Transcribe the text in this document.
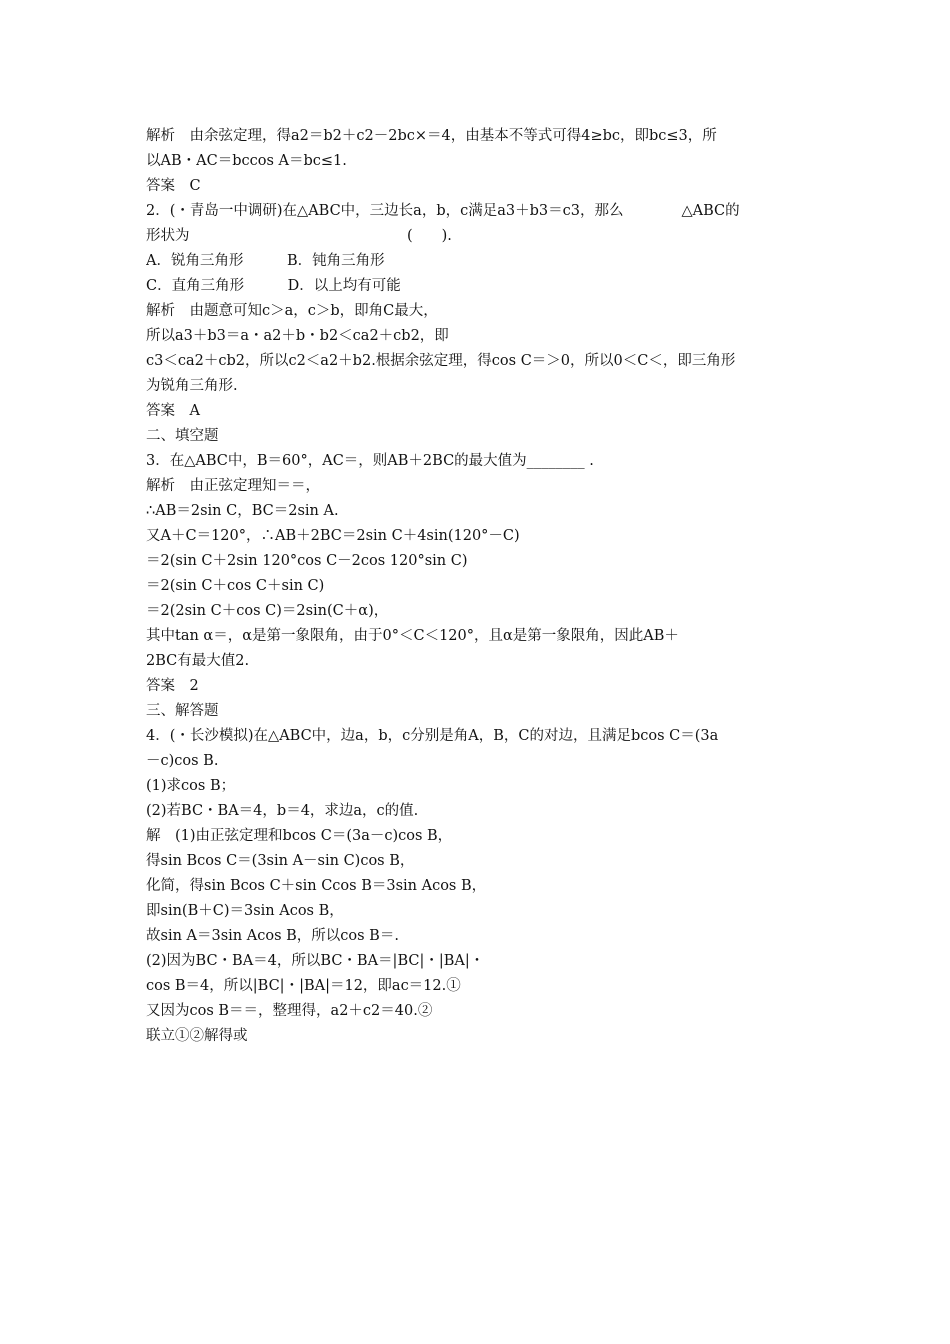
解析　由余弦定理，得a2＝b2＋c2－2bc×＝4，由基本不等式可得4≥bc，即bc≤3，所
以AB・AC＝bccos A＝bc≤1.
答案　C
2．(・青岛一中调研)在△ABC中，三边长a，b，c满足a3＋b3＝c3，那么　　　　△ABC的
形状为　　　　　　　　　　　　　　　(　　).
A．锐角三角形　　　B．钝角三角形
C．直角三角形　　　D．以上均有可能
解析　由题意可知c＞a，c＞b，即角C最大，
所以a3＋b3＝a・a2＋b・b2＜ca2＋cb2，即
c3＜ca2＋cb2，所以c2＜a2＋b2.根据余弦定理，得cos C＝＞0，所以0＜C＜，即三角形
为锐角三角形.
答案　A
二、填空题
3．在△ABC中，B＝60°，AC＝，则AB＋2BC的最大值为________ .
解析　由正弦定理知＝＝，
∴AB＝2sin C，BC＝2sin A.
又A＋C＝120°，∴AB＋2BC＝2sin C＋4sin(120°－C)
＝2(sin C＋2sin 120°cos C－2cos 120°sin C)
＝2(sin C＋cos C＋sin C)
＝2(2sin C＋cos C)＝2sin(C＋α)，
其中tan α＝，α是第一象限角，由于0°＜C＜120°，且α是第一象限角，因此AB＋
2BC有最大值2.
答案　2
三、解答题
4．(・长沙模拟)在△ABC中，边a，b，c分别是角A，B，C的对边，且满足bcos C＝(3a
－c)cos B.
(1)求cos B；
(2)若BC・BA＝4，b＝4，求边a，c的值.
解　(1)由正弦定理和bcos C＝(3a－c)cos B，
得sin Bcos C＝(3sin A－sin C)cos B，
化简，得sin Bcos C＋sin Ccos B＝3sin Acos B，
即sin(B＋C)＝3sin Acos B，
故sin A＝3sin Acos B，所以cos B＝.
(2)因为BC・BA＝4，所以BC・BA＝|BC|・|BA|・
cos B＝4，所以|BC|・|BA|＝12，即ac＝12.①
又因为cos B＝＝，整理得，a2＋c2＝40.②
联立①②解得或
